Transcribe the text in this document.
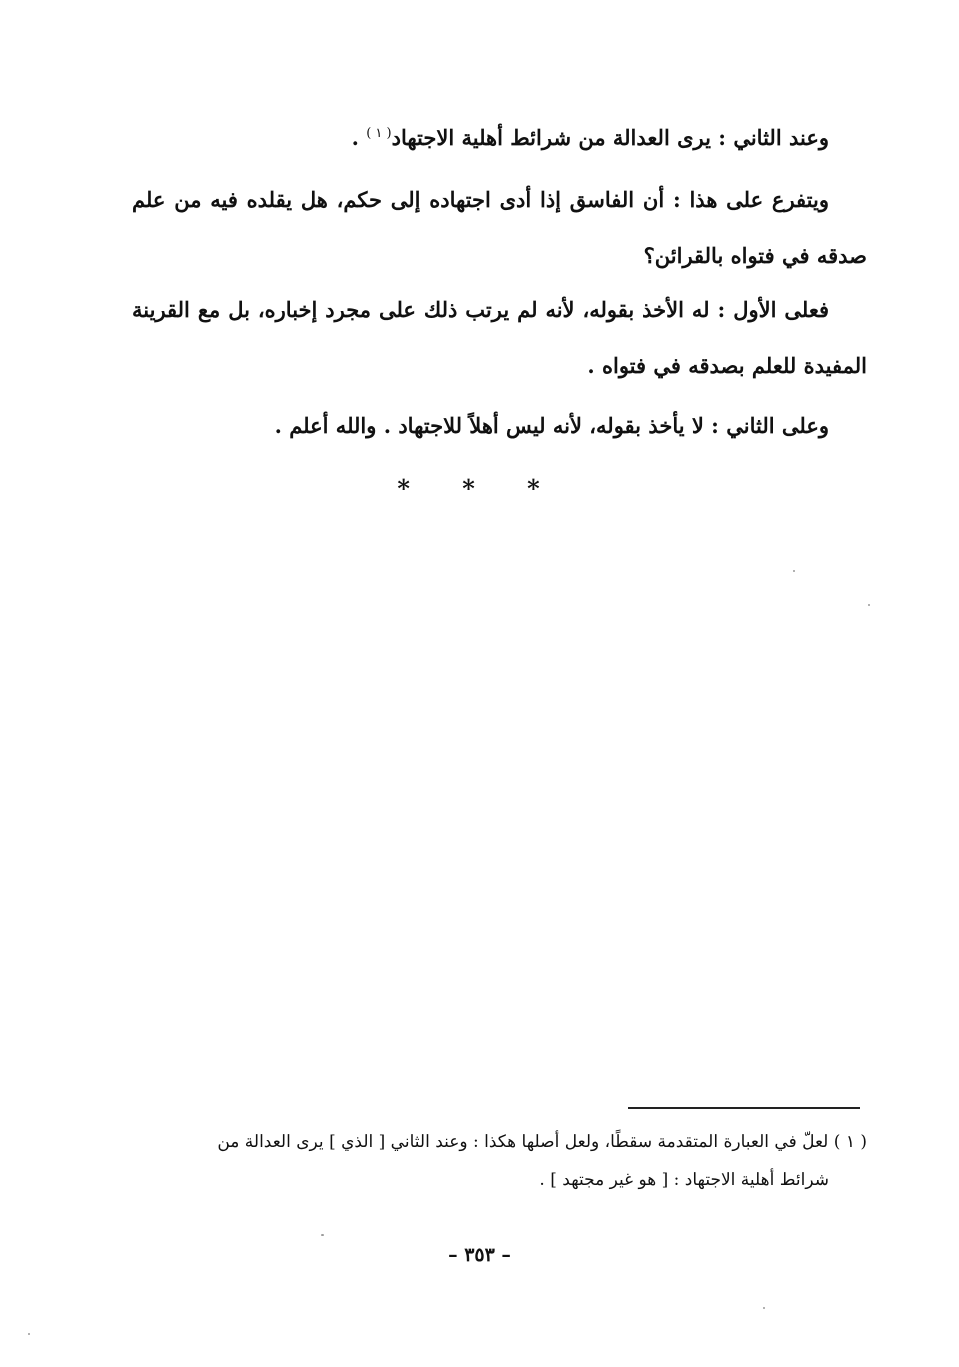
وعند الثاني : يرى العدالة من شرائط أهلية الاجتهاد$^{( ١ )}$ .

ويتفرع على هذا : أن الفاسق إذا أدى اجتهاده إلى حكم، هل يقلده فيه من علم صدقه في فتواه بالقرائن؟

فعلى الأول : له الأخذ بقوله، لأنه لم يرتب ذلك على مجرد إخباره، بل مع القرينة المفيدة للعلم بصدقه في فتواه .

وعلى الثاني : لا يأخذ بقوله، لأنه ليس أهلاً للاجتهاد . والله أعلم .

* * *

( ١ ) لعلّ في العبارة المتقدمة سقطًا، ولعل أصلها هكذا : وعند الثاني [ الذي ] يرى العدالة من
شرائط أهلية الاجتهاد : [ هو غير مجتهد ] .

– ٣٥٣ –
